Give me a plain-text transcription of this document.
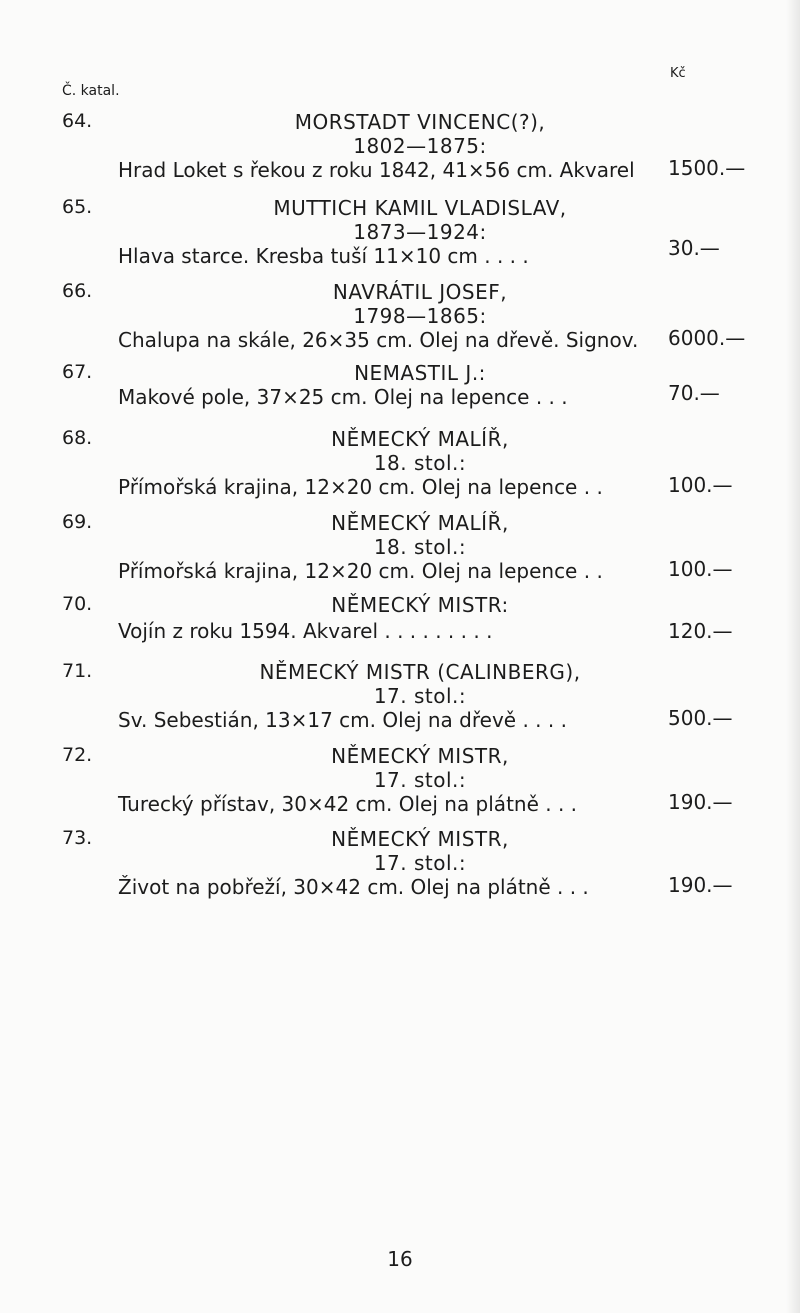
Č. katal.
Kč
64.	MORSTADT VINCENC(?),
1802—1875:
Hrad Loket s řekou z roku 1842, 41×56 cm. Akvarel 1500.—
65.	MUTTICH KAMIL VLADISLAV,
1873—1924:
Hlava starce. Kresba tuší 11×10 cm . . . .	30.—
66.	NAVRÁTIL JOSEF,
1798—1865:
Chalupa na skále, 26×35 cm. Olej na dřevě. Signov. 6000.—
67.	NEMASTIL J.:
Makové pole, 37×25 cm. Olej na lepence . . .	70.—
68.	NĚMECKÝ MALÍŘ,
18. stol.:
Přímořská krajina, 12×20 cm. Olej na lepence . .	100.—
69.	NĚMECKÝ MALÍŘ,
18. stol.:
Přímořská krajina, 12×20 cm. Olej na lepence . .	100.—
70.	NĚMECKÝ MISTR:
Vojín z roku 1594. Akvarel . . . . . . . . .	120.—
71.	NĚMECKÝ MISTR (CALINBERG),
17. stol.:
Sv. Sebestián, 13×17 cm. Olej na dřevě . . . .	500.—
72.	NĚMECKÝ MISTR,
17. stol.:
Turecký přístav, 30×42 cm. Olej na plátně . . .	190.—
73.	NĚMECKÝ MISTR,
17. stol.:
Život na pobřeží, 30×42 cm. Olej na plátně . . .	190.—
16
